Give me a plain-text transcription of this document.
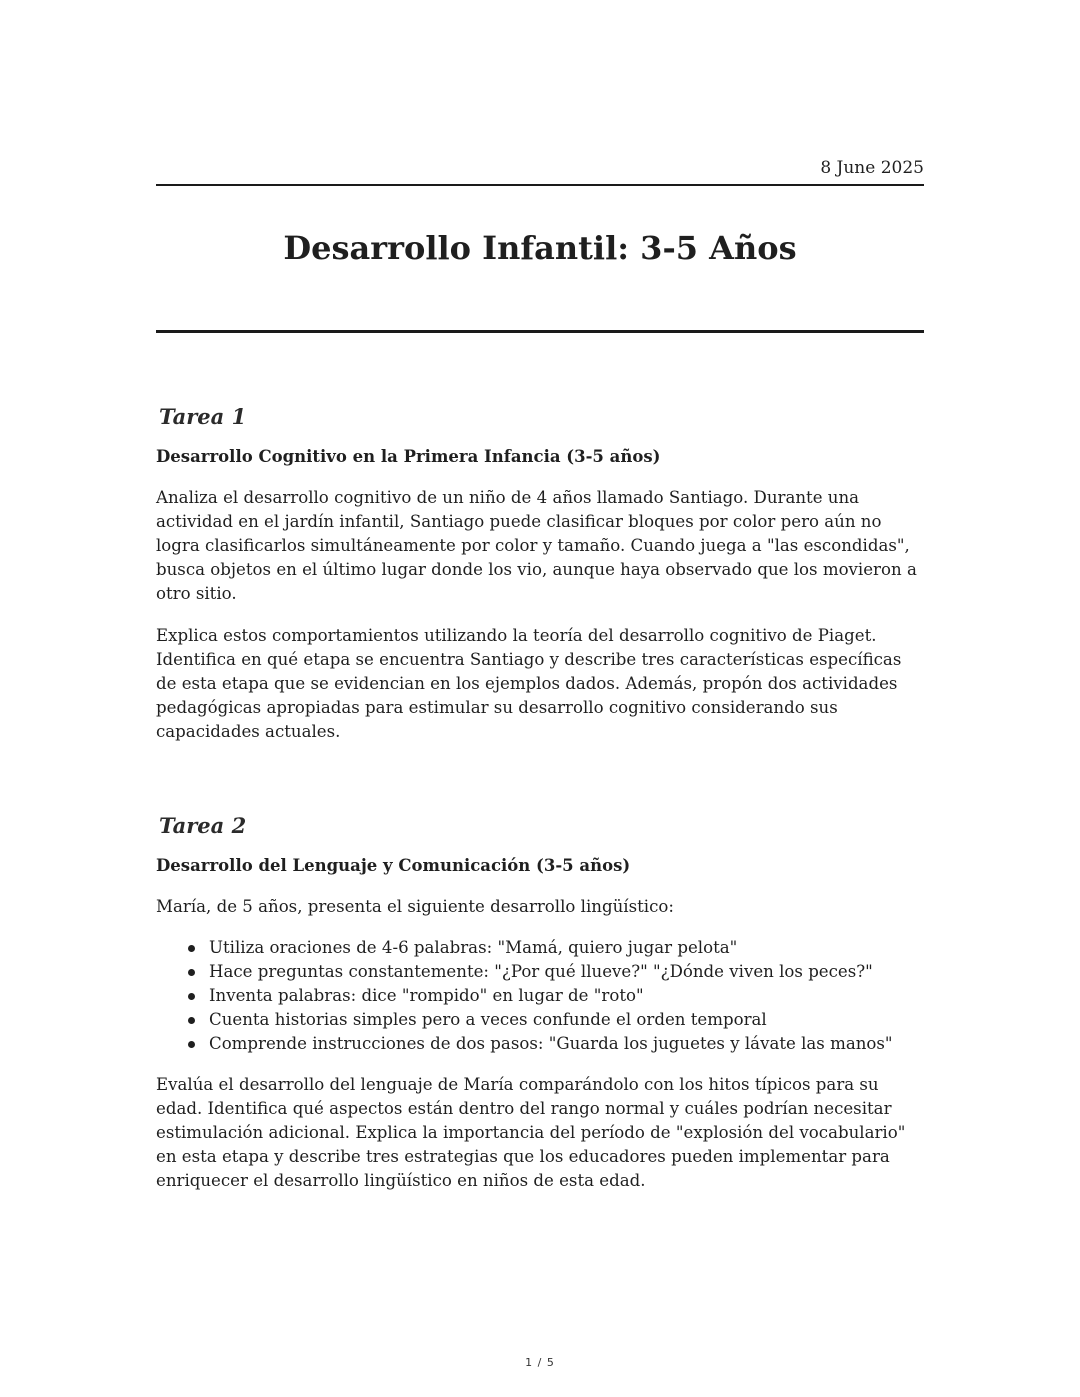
8 June 2025
Desarrollo Infantil: 3-5 Años
Tarea 1
Desarrollo Cognitivo en la Primera Infancia (3-5 años)

Analiza el desarrollo cognitivo de un niño de 4 años llamado Santiago. Durante una actividad en el jardín infantil, Santiago puede clasificar bloques por color pero aún no logra clasificarlos simultáneamente por color y tamaño. Cuando juega a "las escondidas", busca objetos en el último lugar donde los vio, aunque haya observado que los movieron a otro sitio.

Explica estos comportamientos utilizando la teoría del desarrollo cognitivo de Piaget. Identifica en qué etapa se encuentra Santiago y describe tres características específicas de esta etapa que se evidencian en los ejemplos dados. Además, propón dos actividades pedagógicas apropiadas para estimular su desarrollo cognitivo considerando sus capacidades actuales.

Tarea 2
Desarrollo del Lenguaje y Comunicación (3-5 años)

María, de 5 años, presenta el siguiente desarrollo lingüístico:

Utiliza oraciones de 4-6 palabras: "Mamá, quiero jugar pelota"
Hace preguntas constantemente: "¿Por qué llueve?" "¿Dónde viven los peces?"
Inventa palabras: dice "rompido" en lugar de "roto"
Cuenta historias simples pero a veces confunde el orden temporal
Comprende instrucciones de dos pasos: "Guarda los juguetes y lávate las manos"

Evalúa el desarrollo del lenguaje de María comparándolo con los hitos típicos para su edad. Identifica qué aspectos están dentro del rango normal y cuáles podrían necesitar estimulación adicional. Explica la importancia del período de "explosión del vocabulario" en esta etapa y describe tres estrategias que los educadores pueden implementar para enriquecer el desarrollo lingüístico en niños de esta edad.

1 / 5
